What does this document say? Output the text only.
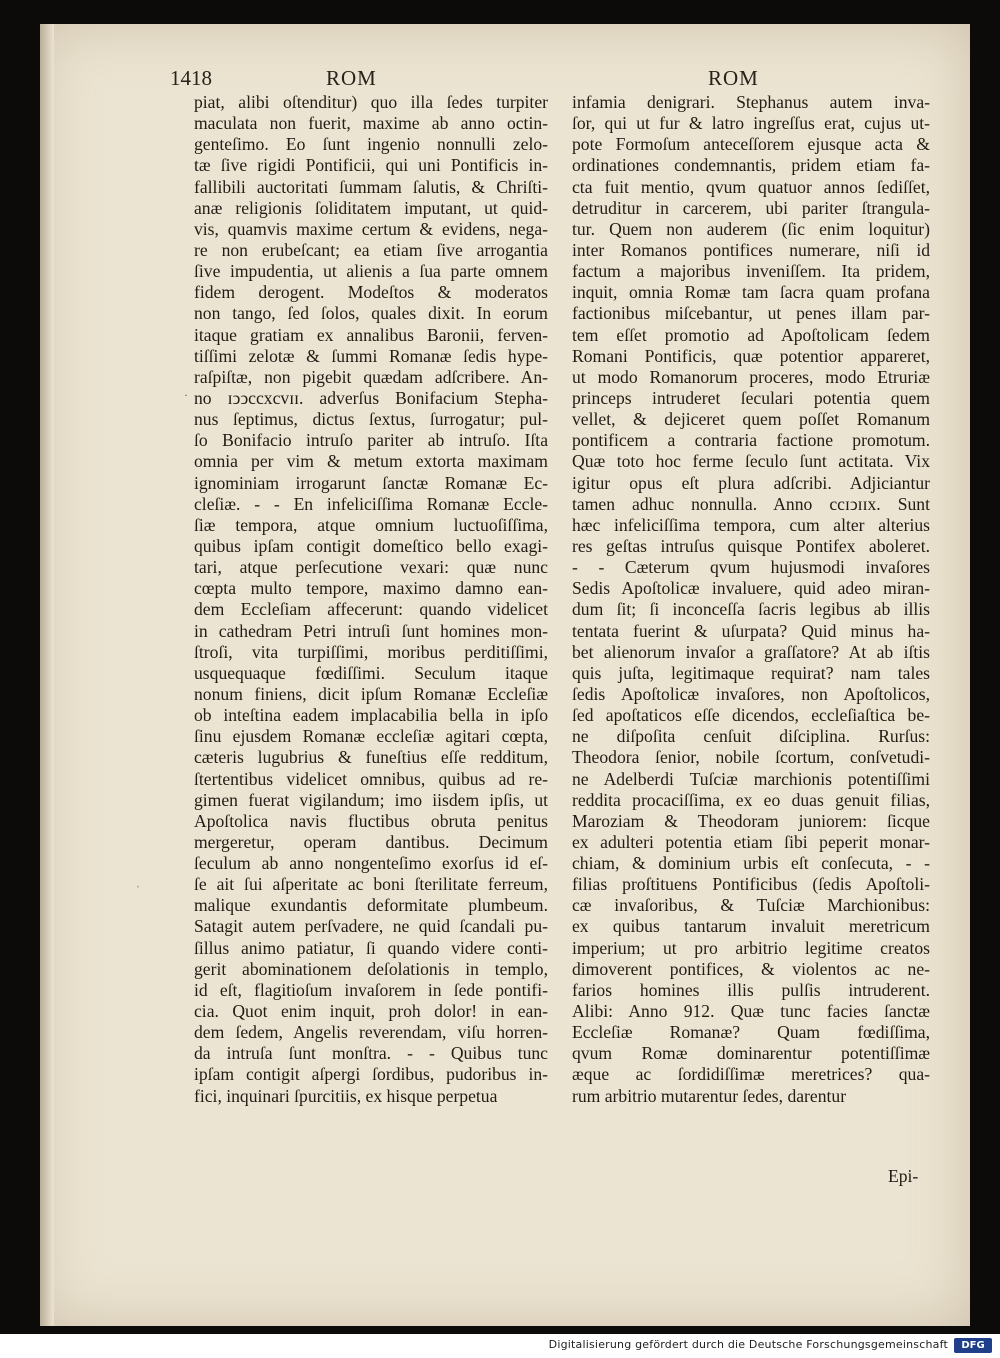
1418	ROM	ROM
piat, alibi oſtenditur) quo illa ſedes turpiter
maculata non fuerit, maxime ab anno octin-
genteſimo. Eo ſunt ingenio nonnulli zelo-
tæ ſive rigidi Pontificii, qui uni Pontificis in-
fallibili auctoritati ſummam ſalutis, & Chriſti-
anæ religionis ſoliditatem imputant, ut quid-
vis, quamvis maxime certum & evidens, nega-
re non erubeſcant; ea etiam ſive arrogantia
ſive impudentia, ut alienis a ſua parte omnem
fidem derogent. Modeſtos & moderatos
non tango, ſed ſolos, quales dixit. In eorum
itaque gratiam ex annalibus Baronii, ferven-
tiſſimi zelotæ & ſummi Romanæ ſedis hype-
raſpiſtæ, non pigebit quædam adſcribere. An-
no ɪↄↄccxcvɪɪ. adverſus Bonifacium Stepha-
nus ſeptimus, dictus ſextus, ſurrogatur; pul-
ſo Bonifacio intruſo pariter ab intruſo. Iſta
omnia per vim & metum extorta maximam
ignominiam irrogarunt ſanctæ Romanæ Ec-
cleſiæ. - - En infeliciſſima Romanæ Eccle-
ſiæ tempora, atque omnium luctuoſiſſima,
quibus ipſam contigit domeſtico bello exagi-
tari, atque perſecutione vexari: quæ nunc
cœpta multo tempore, maximo damno ean-
dem Eccleſiam affecerunt: quando videlicet
in cathedram Petri intruſi ſunt homines mon-
ſtroſi, vita turpiſſimi, moribus perditiſſimi,
usquequaque fœdiſſimi. Seculum itaque
nonum finiens, dicit ipſum Romanæ Eccleſiæ
ob inteſtina eadem implacabilia bella in ipſo
ſinu ejusdem Romanæ eccleſiæ agitari cœpta,
cæteris lugubrius & funeſtius eſſe redditum,
ſtertentibus videlicet omnibus, quibus ad re-
gimen fuerat vigilandum; imo iisdem ipſis, ut
Apoſtolica navis fluctibus obruta penitus
mergeretur, operam dantibus. Decimum
ſeculum ab anno nongenteſimo exorſus id eſ-
ſe ait ſui aſperitate ac boni ſterilitate ferreum,
malique exundantis deformitate plumbeum.
Satagit autem perſvadere, ne quid ſcandali pu-
ſillus animo patiatur, ſi quando videre conti-
gerit abominationem deſolationis in templo,
id eſt, flagitioſum invaſorem in ſede pontifi-
cia. Quot enim inquit, proh dolor! in ean-
dem ſedem, Angelis reverendam, viſu horren-
da intruſa ſunt monſtra. - - Quibus tunc
ipſam contigit aſpergi ſordibus, pudoribus in-
fici, inquinari ſpurcitiis, ex hisque perpetua
infamia denigrari. Stephanus autem inva-
ſor, qui ut fur & latro ingreſſus erat, cujus ut-
pote Formoſum anteceſſorem ejusque acta &
ordinationes condemnantis, pridem etiam fa-
cta fuit mentio, qvum quatuor annos ſediſſet,
detruditur in carcerem, ubi pariter ſtrangula-
tur. Quem non auderem (ſic enim loquitur)
inter Romanos pontifices numerare, niſi id
factum a majoribus inveniſſem. Ita pridem,
inquit, omnia Romæ tam ſacra quam profana
factionibus miſcebantur, ut penes illam par-
tem eſſet promotio ad Apoſtolicam ſedem
Romani Pontificis, quæ potentior appareret,
ut modo Romanorum proceres, modo Etruriæ
princeps intruderet ſeculari potentia quem
vellet, & dejiceret quem poſſet Romanum
pontificem a contraria factione promotum.
Quæ toto hoc ferme ſeculo ſunt actitata. Vix
igitur opus eſt plura adſcribi. Adjiciantur
tamen adhuc nonnulla. Anno ccɪↄɪɪx. Sunt
hæc infeliciſſima tempora, cum alter alterius
res geſtas intruſus quisque Pontifex aboleret.
- - Cæterum qvum hujusmodi invaſores
Sedis Apoſtolicæ invaluere, quid adeo miran-
dum ſit; ſi inconceſſa ſacris legibus ab illis
tentata fuerint & uſurpata? Quid minus ha-
bet alienorum invaſor a graſſatore? At ab iſtis
quis juſta, legitimaque requirat? nam tales
ſedis Apoſtolicæ invaſores, non Apoſtolicos,
ſed apoſtaticos eſſe dicendos, eccleſiaſtica be-
ne diſpoſita cenſuit diſciplina. Rurſus:
Theodora ſenior, nobile ſcortum, conſvetudi-
ne Adelberdi Tuſciæ marchionis potentiſſimi
reddita procaciſſima, ex eo duas genuit filias,
Maroziam & Theodoram juniorem: ſicque
ex adulteri potentia etiam ſibi peperit monar-
chiam, & dominium urbis eſt conſecuta, - -
filias proſtituens Pontificibus (ſedis Apoſtoli-
cæ invaſoribus, & Tuſciæ Marchionibus:
ex quibus tantarum invaluit meretricum
imperium; ut pro arbitrio legitime creatos
dimoverent pontifices, & violentos ac ne-
farios homines illis pulſis intruderent.
Alibi: Anno 912. Quæ tunc facies ſanctæ
Eccleſiæ Romanæ? Quam fœdiſſima,
qvum Romæ dominarentur potentiſſimæ
æque ac ſordidiſſimæ meretrices? qua-
rum arbitrio mutarentur ſedes, darentur
Epi-
·
ˌ
Digitalisierung gefördert durch die Deutsche Forschungsgemeinschaft	DFG
